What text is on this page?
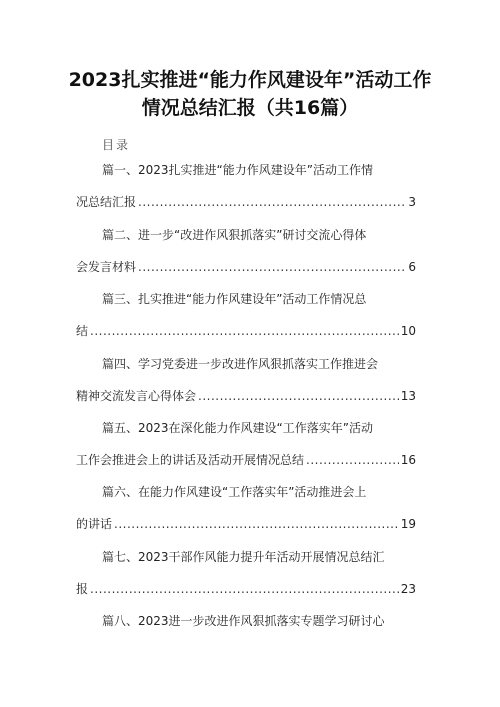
2023扎实推进“能力作风建设年”活动工作
情况总结汇报（共16篇）
目录
篇一、2023扎实推进“能力作风建设年”活动工作情
况总结汇报 .....	3
篇二、进一步“改进作风狠抓落实”研讨交流心得体
会发言材料 .....	6
篇三、扎实推进“能力作风建设年”活动工作情况总
结 .....	10
篇四、学习党委进一步改进作风狠抓落实工作推进会
精神交流发言心得体会 .....	13
篇五、2023在深化能力作风建设“工作落实年”活动
工作会推进会上的讲话及活动开展情况总结 .....	16
篇六、在能力作风建设“工作落实年”活动推进会上
的讲话 .....	19
篇七、2023干部作风能力提升年活动开展情况总结汇
报 .....	23
篇八、2023进一步改进作风狠抓落实专题学习研讨心
